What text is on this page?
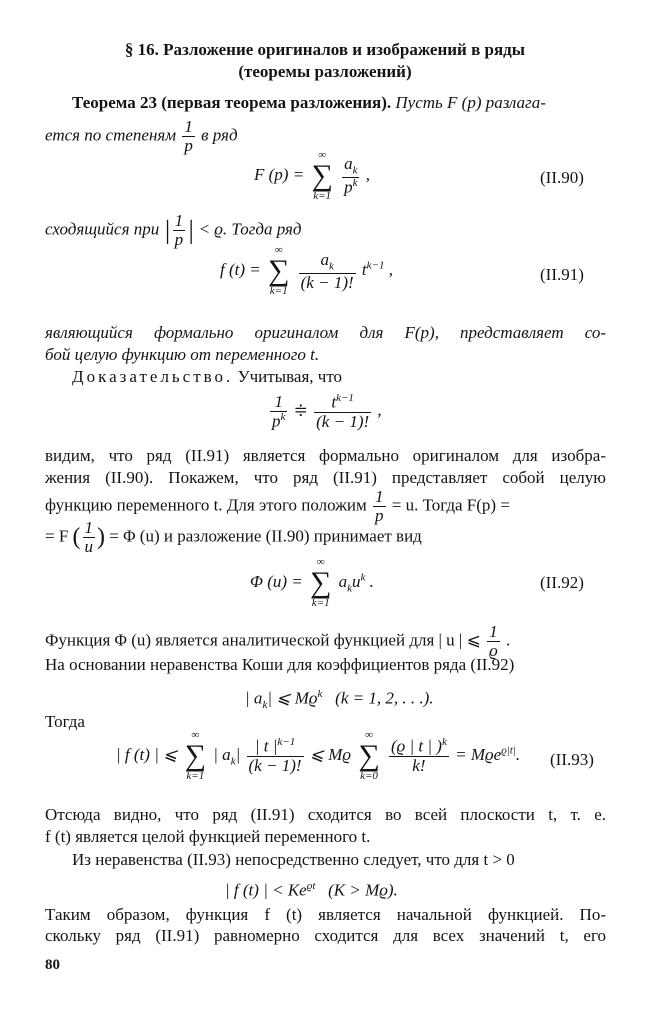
§ 16. Разложение оригиналов и изображений в ряды
(теоремы разложений)
Теорема 23 (первая теорема разложения). Пусть F (p) разлага-
ется по степеням $\frac{1}{p}$ в ряд
F (p) =
∞
∑
k=1
$\frac{a_k}{p^k}$ ,	(II.90)
сходящийся при | $\frac{1}{p}$ | < ϱ. Тогда ряд
f (t) =
∞
∑
k=1
$\frac{a_k}{(k - 1)!} t^{k-1}$ ,	(II.91)
являющийся формально оригиналом для F(p), представляет со-
бой целую функцию от переменного t.
Доказательство. Учитывая, что
$\frac{1}{p^k}$ ≑ $\frac{t^{k-1}}{(k - 1)!}$ ,
видим, что ряд (II.91) является формально оригиналом для изобра-
жения (II.90). Покажем, что ряд (II.91) представляет собой целую
функцию переменного t. Для этого положим $\frac{1}{p} = u$. Тогда F(p) =
= F ( $\frac{1}{u}$ ) = Φ (u) и разложение (II.90) принимает вид
Φ (u) =
∞
∑
k=1
$a_ku^k$ .	(II.92)
Функция Φ (u) является аналитической функцией для | u | ⩽ $\frac{1}{ϱ}$ .
На основании неравенства Коши для коэффициентов ряда (II.92)
| $a_k|$ ⩽ $Mϱ^k$ (k = 1, 2, . . .).
Тогда
| f (t) | ⩽
∞
∑
k=1
| $a_k| \frac{| t |^{k-1}}{(k - 1)!}$ ⩽ Mϱ
∞
∑
k=0

$\frac{(ϱ | t | )^k}{k!} = Mϱe^{ϱ|t|}$. (II.93)
Отсюда видно, что ряд (II.91) сходится во всей плоскости t, т. е.
f (t) является целой функцией переменного t.
Из неравенства (II.93) непосредственно следует, что для t > 0
| f (t) | < $Ke^{ϱt}$ (K > Mϱ).
Таким образом, функция f (t) является начальной функцией. По-
скольку ряд (II.91) равномерно сходится для всех значений t, его
80
